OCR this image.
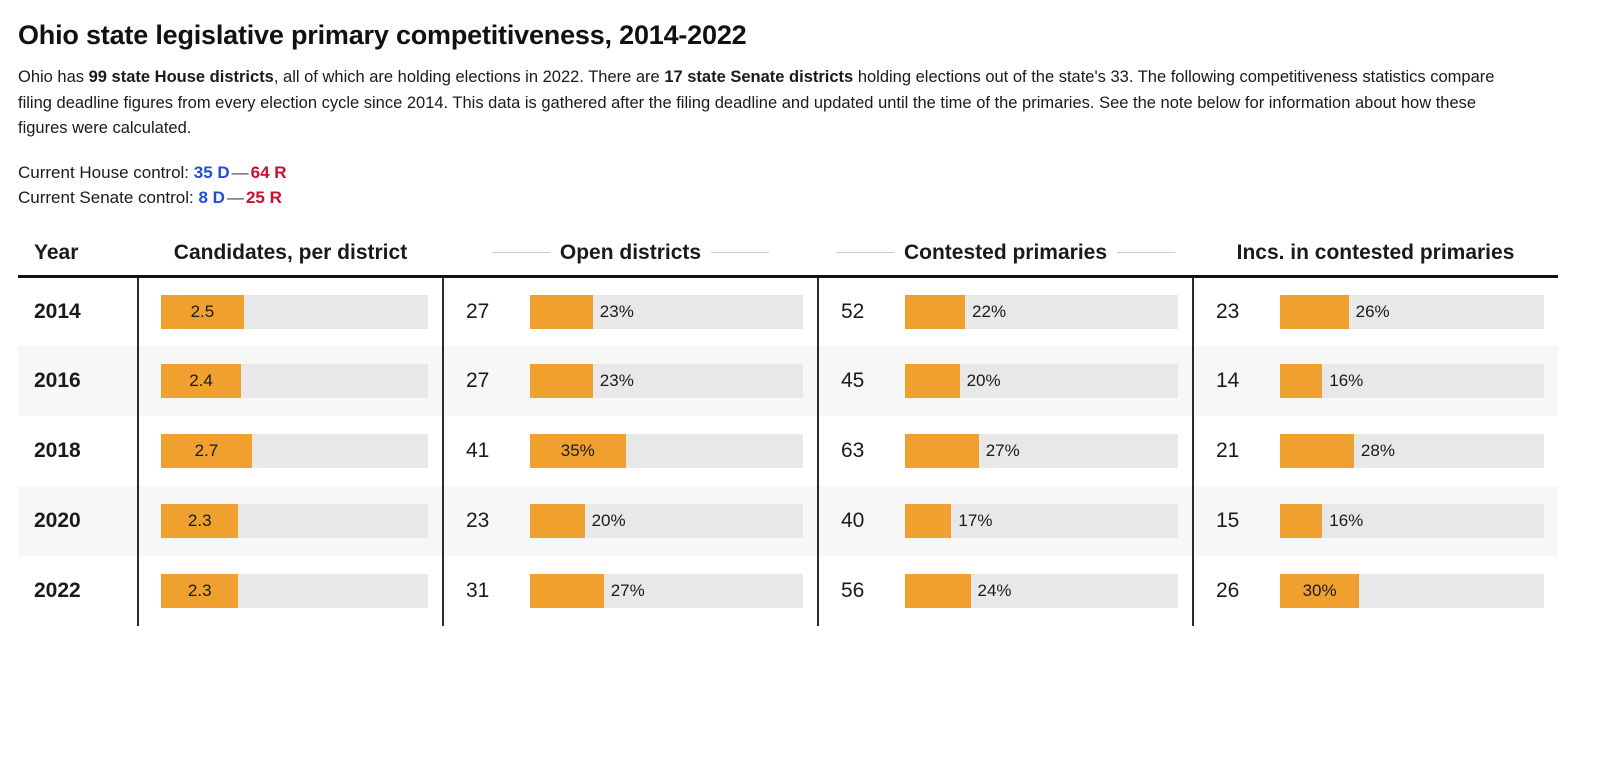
Ohio state legislative primary competitiveness, 2014-2022

Ohio has 99 state House districts, all of which are holding elections in 2022. There are 17 state Senate districts holding elections out of the state's 33. The following competitiveness statistics compare filing deadline figures from every election cycle since 2014. This data is gathered after the filing deadline and updated until the time of the primaries. See the note below for information about how these figures were calculated.

Current House control: 35 D — 64 R

Current Senate control: 8 D — 25 R

Year	Candidates, per district	Open districts	Contested primaries	Incs. in contested primaries
2014	2.5	27 23%	52 22%	23 26%

2016	2.4	27 23%	45 20%	14 16%

2018	2.7	41 35%	63 27%	21 28%

2020	2.3	23 20%	40 17%	15 16%

2022	2.3	31 27%	56 24%	26 30%
